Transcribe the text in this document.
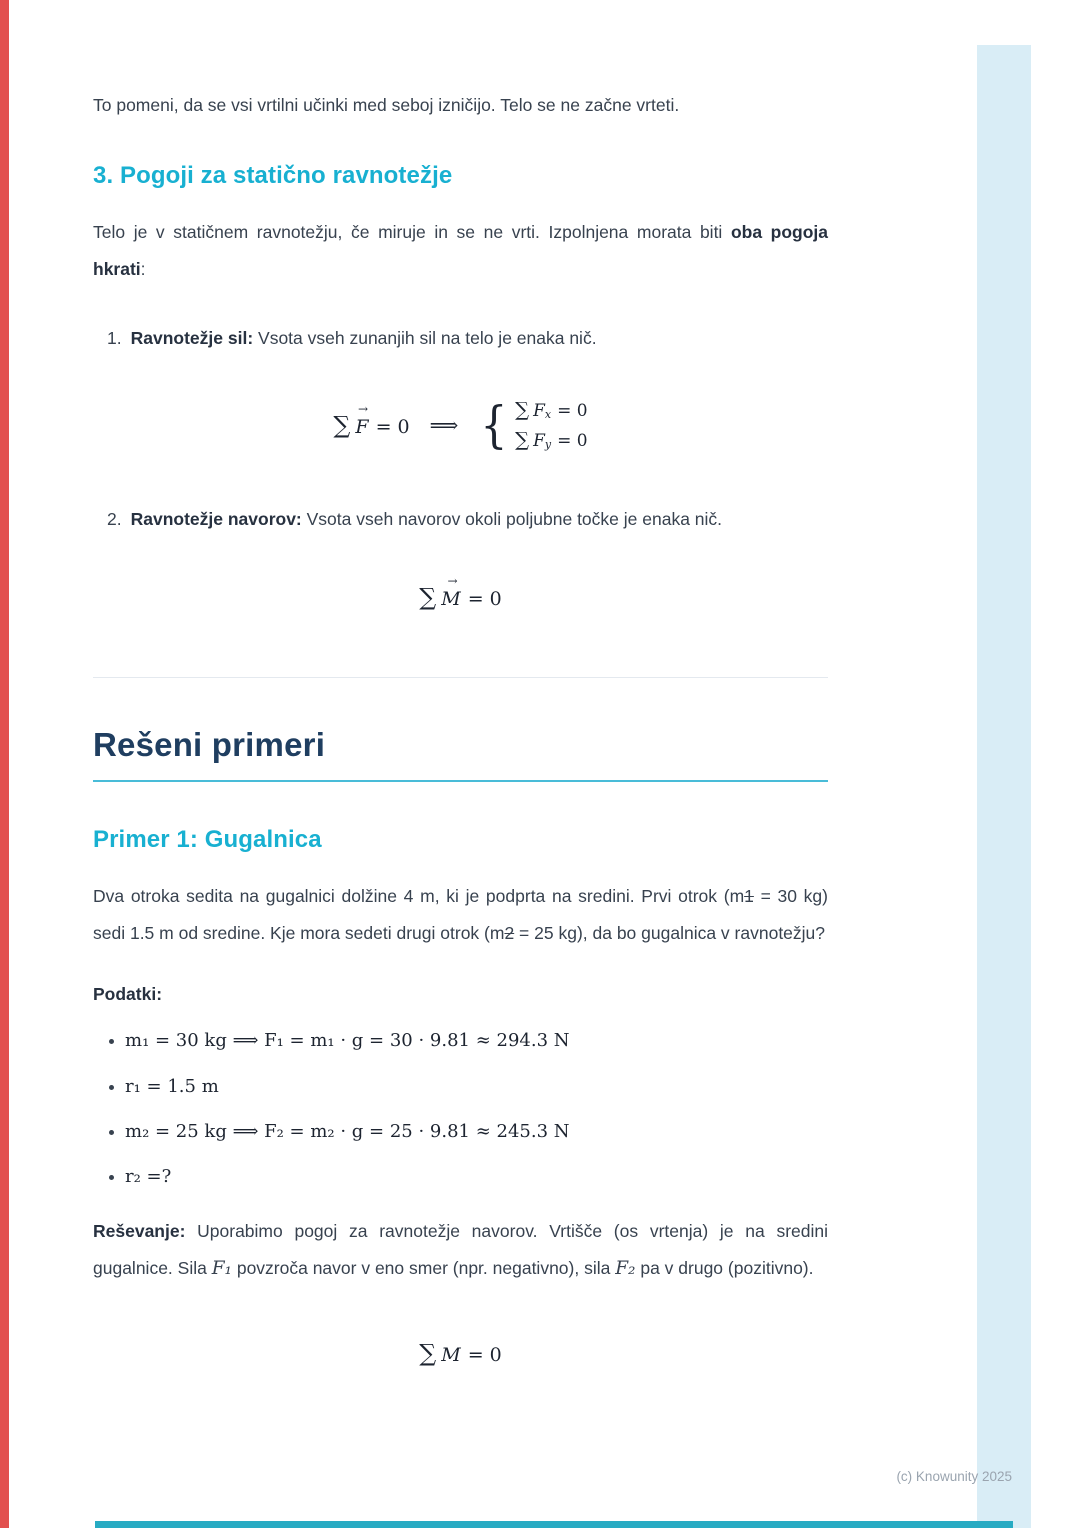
To pomeni, da se vsi vrtilni učinki med seboj izničijo. Telo se ne začne vrteti.

3. Pogoji za statično ravnotežje

Telo je v statičnem ravnotežju, če miruje in se ne vrti. Izpolnjena morata biti oba pogoja hkrati:

1. Ravnotežje sil: Vsota vseh zunanjih sil na telo je enaka nič.
∑
→
F = 0 ⟹ { ∑ $F_x = 0$
∑ $F_y = 0$
2. Ravnotežje navorov: Vsota vseh navorov okoli poljubne točke je enaka nič.
∑
→
M = 0
Rešeni primeri
Primer 1: Gugalnica

Dva otroka sedita na gugalnici dolžine 4 m, ki je podprta na sredini. Prvi otrok (m1 = 30 kg) sedi 1.5 m od sredine. Kje mora sedeti drugi otrok (m2 = 25 kg), da bo gugalnica v ravnotežju?

Podatki:

• m₁ = 30 kg ⟹ F₁ = m₁ · g = 30 · 9.81 ≈ 294.3 N
• r₁ = 1.5 m
• m₂ = 25 kg ⟹ F₂ = m₂ · g = 25 · 9.81 ≈ 245.3 N
• r₂ =?

Reševanje: Uporabimo pogoj za ravnotežje navorov. Vrtišče (os vrtenja) je na sredini gugalnice. Sila F₁ povzroča navor v eno smer (npr. negativno), sila F₂ pa v drugo (pozitivno).

∑ M = 0
(c) Knowunity 2025
